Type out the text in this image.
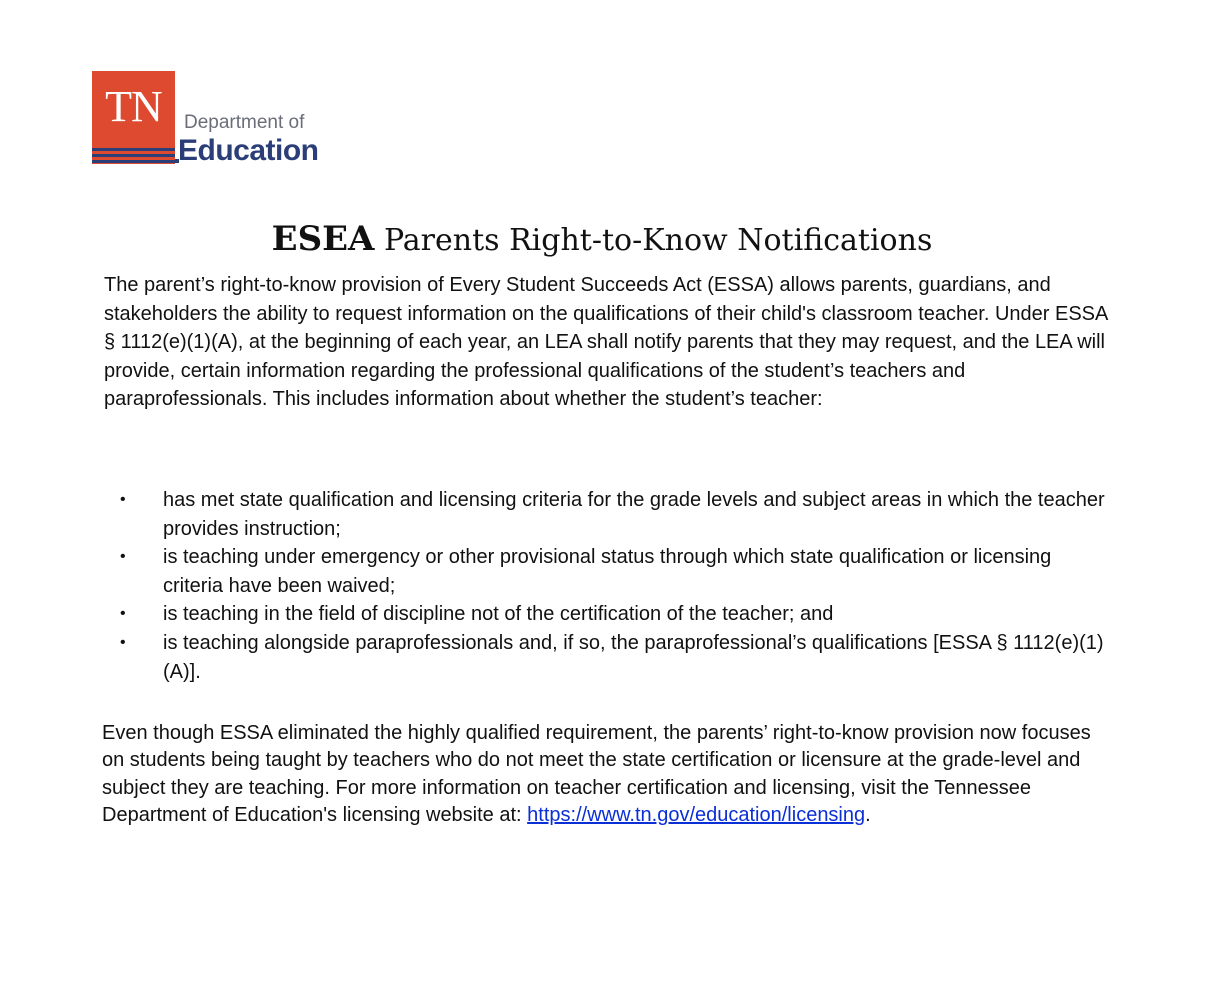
TN	Department of
Education
ESEA Parents Right-to-Know Notifications
The parent’s right-to-know provision of Every Student Succeeds Act (ESSA) allows parents, guardians, and stakeholders the ability to request information on the qualifications of their child's classroom teacher. Under ESSA § 1112(e)(1)(A), at the beginning of each year, an LEA shall notify parents that they may request, and the LEA will provide, certain information regarding the professional qualifications of the student’s teachers and paraprofessionals. This includes information about whether the student’s teacher:
• has met state qualification and licensing criteria for the grade levels and subject areas in which the teacher provides instruction;
• is teaching under emergency or other provisional status through which state qualification or licensing criteria have been waived;
• is teaching in the field of discipline not of the certification of the teacher; and
• is teaching alongside paraprofessionals and, if so, the paraprofessional’s qualifications [ESSA § 1112(e)(1)(A)].
Even though ESSA eliminated the highly qualified requirement, the parents’ right-to-know provision now focuses on students being taught by teachers who do not meet the state certification or licensure at the grade-level and subject they are teaching. For more information on teacher certification and licensing, visit the Tennessee Department of Education's licensing website at: https://www.tn.gov/education/licensing.
